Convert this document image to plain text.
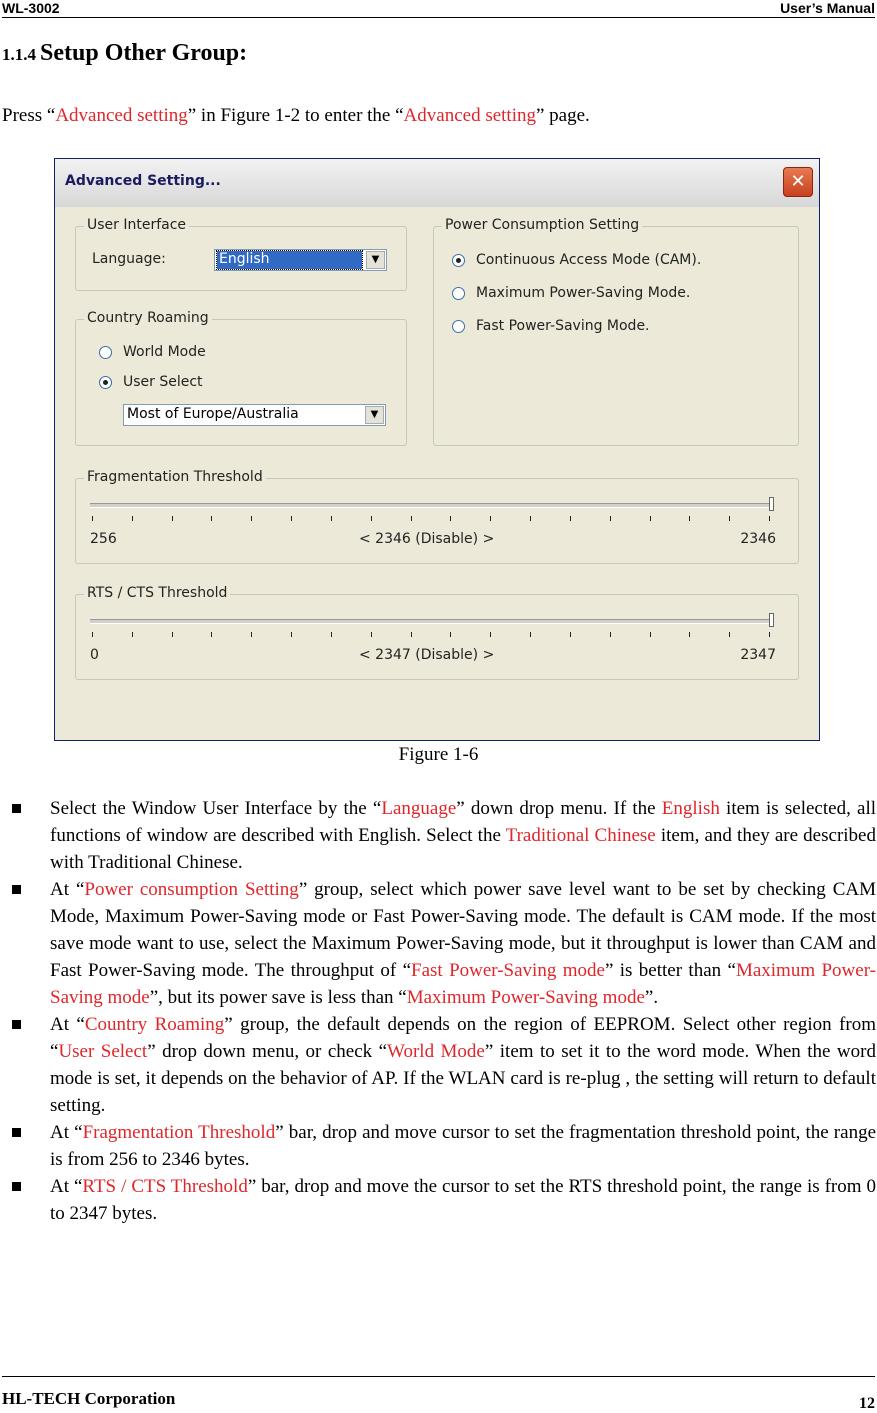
WL-3002	User’s Manual
1.1.4 Setup Other Group:
Press “Advanced setting” in Figure 1-2 to enter the “Advanced setting” page.
Advanced Setting...	✕
User Interface
Language:	English	▼
Country Roaming
World Mode
User Select
Most of Europe/Australia	▼
Power Consumption Setting
Continuous Access Mode (CAM).
Maximum Power-Saving Mode.
Fast Power-Saving Mode.
Fragmentation Threshold
256	< 2346 (Disable) >	2346
RTS / CTS Threshold
0	< 2347 (Disable) >	2347
Figure 1-6
Select the Window User Interface by the “Language” down drop menu. If the English item is selected, all functions of window are described with English. Select the Traditional Chinese item, and they are described with Traditional Chinese.
At “Power consumption Setting” group, select which power save level want to be set by checking CAM Mode, Maximum Power-Saving mode or Fast Power-Saving mode. The default is CAM mode. If the most save mode want to use, select the Maximum Power-Saving mode, but it throughput is lower than CAM and Fast Power-Saving mode. The throughput of “Fast Power-Saving mode” is better than “Maximum Power-Saving mode”, but its power save is less than “Maximum Power-Saving mode”.
At “Country Roaming” group, the default depends on the region of EEPROM. Select other region from “User Select” drop down menu, or check “World Mode” item to set it to the word mode. When the word mode is set, it depends on the behavior of AP. If the WLAN card is re-plug , the setting will return to default setting.
At “Fragmentation Threshold” bar, drop and move cursor to set the fragmentation threshold point, the range is from 256 to 2346 bytes.
At “RTS / CTS Threshold” bar, drop and move the cursor to set the RTS threshold point, the range is from 0 to 2347 bytes.
HL-TECH Corporation	12
